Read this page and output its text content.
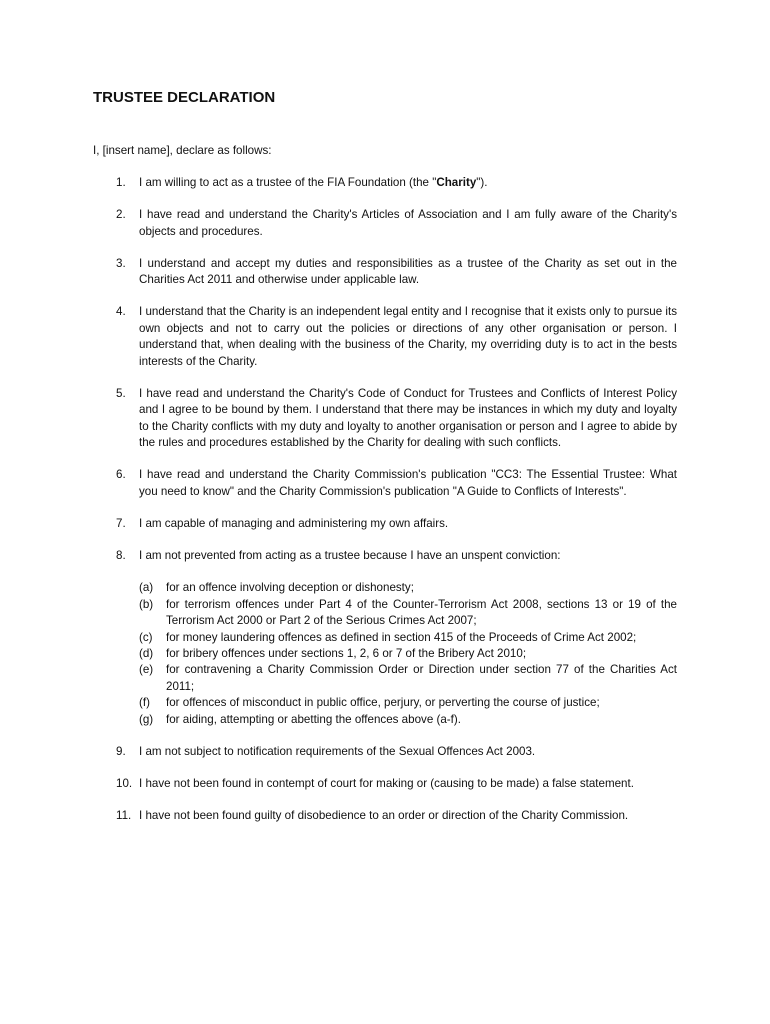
TRUSTEE DECLARATION
I, [insert name], declare as follows:
1.	I am willing to act as a trustee of the FIA Foundation (the "Charity").
2.	I have read and understand the Charity's Articles of Association and I am fully aware of the Charity's objects and procedures.
3.	I understand and accept my duties and responsibilities as a trustee of the Charity as set out in the Charities Act 2011 and otherwise under applicable law.
4.	I understand that the Charity is an independent legal entity and I recognise that it exists only to pursue its own objects and not to carry out the policies or directions of any other organisation or person. I understand that, when dealing with the business of the Charity, my overriding duty is to act in the bests interests of the Charity.
5.	I have read and understand the Charity's Code of Conduct for Trustees and Conflicts of Interest Policy and I agree to be bound by them. I understand that there may be instances in which my duty and loyalty to the Charity conflicts with my duty and loyalty to another organisation or person and I agree to abide by the rules and procedures established by the Charity for dealing with such conflicts.
6.	I have read and understand the Charity Commission's publication "CC3: The Essential Trustee: What you need to know" and the Charity Commission's publication "A Guide to Conflicts of Interests".
7.	I am capable of managing and administering my own affairs.
8.	I am not prevented from acting as a trustee because I have an unspent conviction:
(a) for an offence involving deception or dishonesty;
(b) for terrorism offences under Part 4 of the Counter-Terrorism Act 2008, sections 13 or 19 of the Terrorism Act 2000 or Part 2 of the Serious Crimes Act 2007;
(c) for money laundering offences as defined in section 415 of the Proceeds of Crime Act 2002;
(d) for bribery offences under sections 1, 2, 6 or 7 of the Bribery Act 2010;
(e) for contravening a Charity Commission Order or Direction under section 77 of the Charities Act 2011;
(f) for offences of misconduct in public office, perjury, or perverting the course of justice;
(g) for aiding, attempting or abetting the offences above (a-f).
9.	I am not subject to notification requirements of the Sexual Offences Act 2003.
10. I have not been found in contempt of court for making or (causing to be made) a false statement.
11. I have not been found guilty of disobedience to an order or direction of the Charity Commission.
